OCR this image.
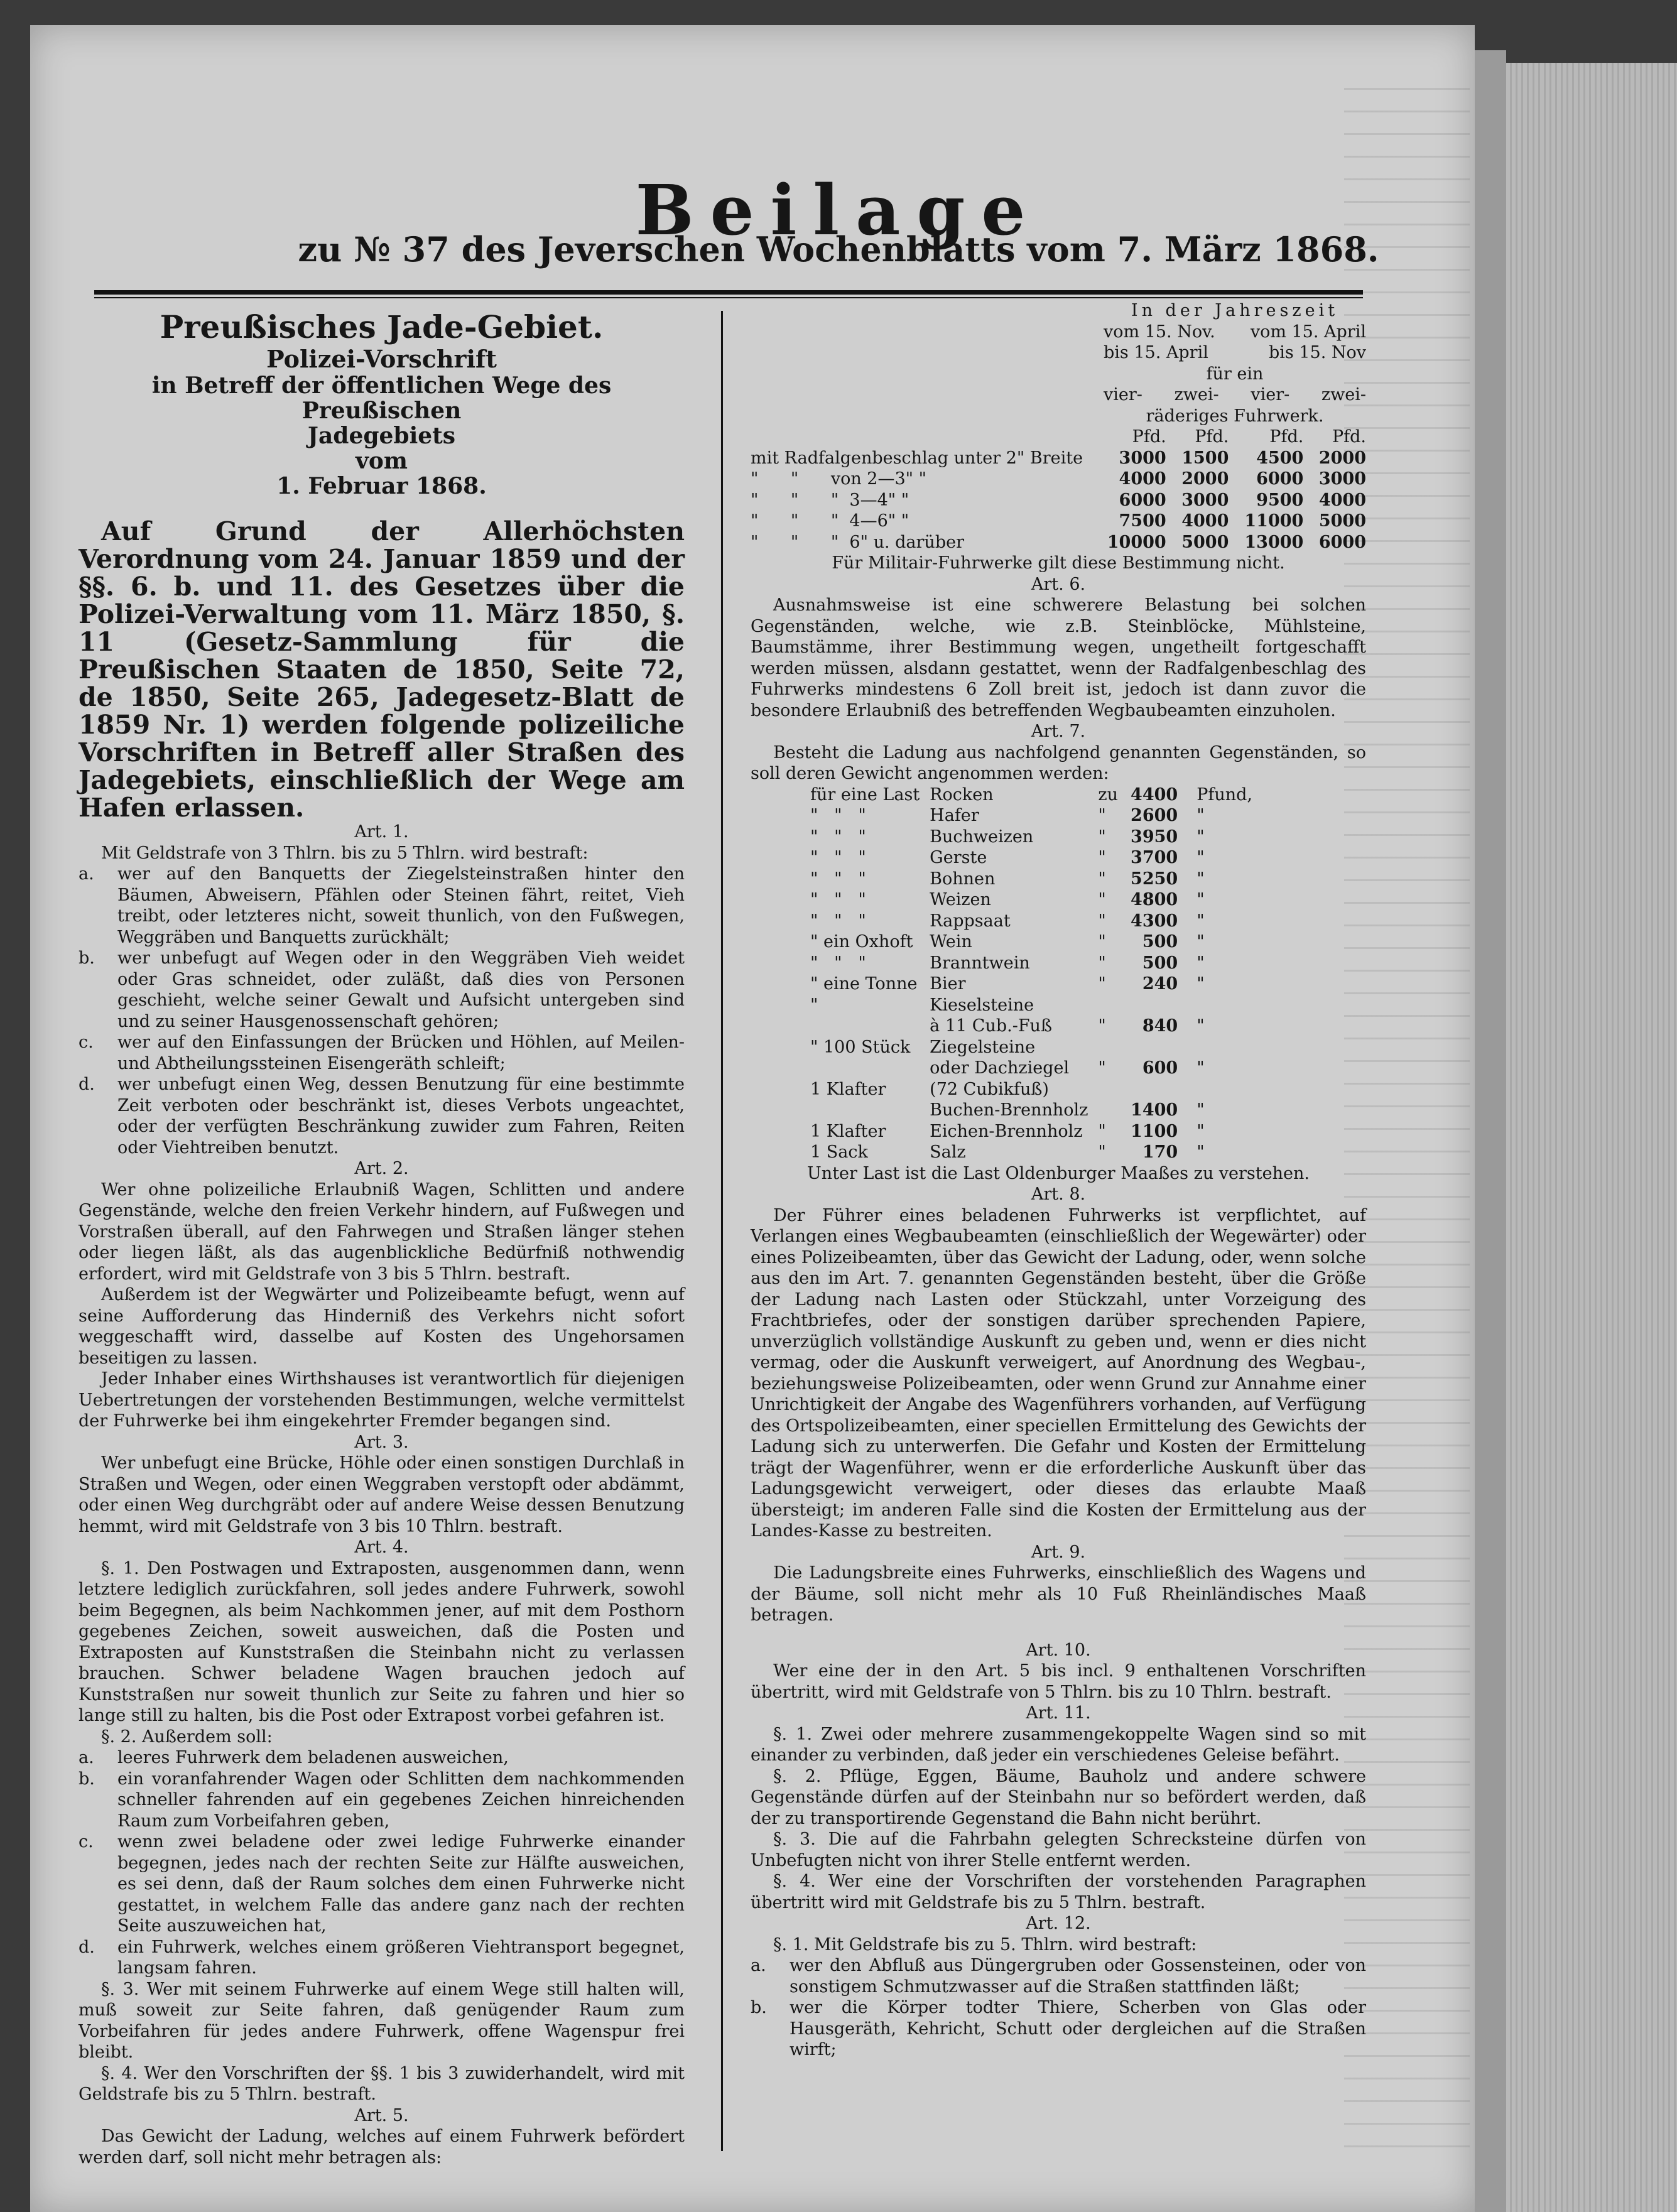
Beilage
zu № 37 des Jeverschen Wochenblatts vom 7. März 1868.

Preußisches Jade-Gebiet.

Polizei-Vorschrift

in Betreff der öffentlichen Wege des Preußischen

Jadegebiets

vom

1. Februar 1868.

Auf Grund der Allerhöchsten Verordnung vom 24. Januar 1859 und der §§. 6. b. und 11. des Gesetzes über die Polizei-Verwaltung vom 11. März 1850, §. 11 (Gesetz-Sammlung für die Preußischen Staaten de 1850, Seite 72, de 1850, Seite 265, Jadegesetz-Blatt de 1859 Nr. 1) werden folgende polizeiliche Vorschriften in Betreff aller Straßen des Jadegebiets, einschließlich der Wege am Hafen erlassen.

Art. 1.

Mit Geldstrafe von 3 Thlrn. bis zu 5 Thlrn. wird bestraft:

a.	wer auf den Banquetts der Ziegelsteinstraßen hinter den Bäumen, Abweisern, Pfählen oder Steinen fährt, reitet, Vieh treibt, oder letzteres nicht, soweit thunlich, von den Fußwegen, Weggräben und Banquetts zurückhält;
b.	wer unbefugt auf Wegen oder in den Weggräben Vieh weidet oder Gras schneidet, oder zuläßt, daß dies von Personen geschieht, welche seiner Gewalt und Aufsicht untergeben sind und zu seiner Hausgenossenschaft gehören;
c.	wer auf den Einfassungen der Brücken und Höhlen, auf Meilen- und Abtheilungssteinen Eisengeräth schleift;
d.	wer unbefugt einen Weg, dessen Benutzung für eine bestimmte Zeit verboten oder beschränkt ist, dieses Verbots ungeachtet, oder der verfügten Beschränkung zuwider zum Fahren, Reiten oder Viehtreiben benutzt.

Art. 2.

Wer ohne polizeiliche Erlaubniß Wagen, Schlitten und andere Gegenstände, welche den freien Verkehr hindern, auf Fußwegen und Vorstraßen überall, auf den Fahrwegen und Straßen länger stehen oder liegen läßt, als das augenblickliche Bedürfniß nothwendig erfordert, wird mit Geldstrafe von 3 bis 5 Thlrn. bestraft.

Außerdem ist der Wegwärter und Polizeibeamte befugt, wenn auf seine Aufforderung das Hinderniß des Verkehrs nicht sofort weggeschafft wird, dasselbe auf Kosten des Ungehorsamen beseitigen zu lassen.

Jeder Inhaber eines Wirthshauses ist verantwortlich für diejenigen Uebertretungen der vorstehenden Bestimmungen, welche vermittelst der Fuhrwerke bei ihm eingekehrter Fremder begangen sind.

Art. 3.

Wer unbefugt eine Brücke, Höhle oder einen sonstigen Durchlaß in Straßen und Wegen, oder einen Weggraben verstopft oder abdämmt, oder einen Weg durchgräbt oder auf andere Weise dessen Benutzung hemmt, wird mit Geldstrafe von 3 bis 10 Thlrn. bestraft.

Art. 4.

§. 1. Den Postwagen und Extraposten, ausgenommen dann, wenn letztere lediglich zurückfahren, soll jedes andere Fuhrwerk, sowohl beim Begegnen, als beim Nachkommen jener, auf mit dem Posthorn gegebenes Zeichen, soweit ausweichen, daß die Posten und Extraposten auf Kunststraßen die Steinbahn nicht zu verlassen brauchen. Schwer beladene Wagen brauchen jedoch auf Kunststraßen nur soweit thunlich zur Seite zu fahren und hier so lange still zu halten, bis die Post oder Extrapost vorbei gefahren ist.

§. 2. Außerdem soll:

a.	leeres Fuhrwerk dem beladenen ausweichen,
b.	ein voranfahrender Wagen oder Schlitten dem nachkommenden schneller fahrenden auf ein gegebenes Zeichen hinreichenden Raum zum Vorbeifahren geben,
c.	wenn zwei beladene oder zwei ledige Fuhrwerke einander begegnen, jedes nach der rechten Seite zur Hälfte ausweichen, es sei denn, daß der Raum solches dem einen Fuhrwerke nicht gestattet, in welchem Falle das andere ganz nach der rechten Seite auszuweichen hat,
d.	ein Fuhrwerk, welches einem größeren Viehtransport begegnet, langsam fahren.

§. 3. Wer mit seinem Fuhrwerke auf einem Wege still halten will, muß soweit zur Seite fahren, daß genügender Raum zum Vorbeifahren für jedes andere Fuhrwerk, offene Wagenspur frei bleibt.

§. 4. Wer den Vorschriften der §§. 1 bis 3 zuwiderhandelt, wird mit Geldstrafe bis zu 5 Thlrn. bestraft.

Art. 5.

Das Gewicht der Ladung, welches auf einem Fuhrwerk befördert werden darf, soll nicht mehr betragen als:

In der Jahreszeit

vom 15. Nov. vom 15. April
bis 15. April	bis 15. Nov

für ein

vier- zwei- vier- zwei-

räderiges Fuhrwerk.

	Pfd.	Pfd.	Pfd.	Pfd.
mit Radfalgenbeschlag unter 2" Breite	3000	1500	4500	2000
"      "      von 2—3" "	4000	2000	6000	3000
"      "      "  3—4" "	6000	3000	9500	4000
"      "      "  4—6" "	7500	4000	11000	5000
"      "      "  6" u. darüber	10000	5000	13000	6000

Für Militair-Fuhrwerke gilt diese Bestimmung nicht.

Art. 6.

Ausnahmsweise ist eine schwerere Belastung bei solchen Gegenständen, welche, wie z.B. Steinblöcke, Mühlsteine, Baumstämme, ihrer Bestimmung wegen, ungetheilt fortgeschafft werden müssen, alsdann gestattet, wenn der Radfalgenbeschlag des Fuhrwerks mindestens 6 Zoll breit ist, jedoch ist dann zuvor die besondere Erlaubniß des betreffenden Wegbaubeamten einzuholen.

Art. 7.

Besteht die Ladung aus nachfolgend genannten Gegenständen, so soll deren Gewicht angenommen werden:

für eine Last	Rocken	zu	4400	Pfund,
"   "   "	Hafer	"	2600	"
"   "   "	Buchweizen	"	3950	"
"   "   "	Gerste	"	3700	"
"   "   "	Bohnen	"	5250	"
"   "   "	Weizen	"	4800	"
"   "   "	Rappsaat	"	4300	"
" ein Oxhoft	Wein	"	500	"
"   "   "	Branntwein	"	500	"
" eine Tonne	Bier	"	240	"
"	Kieselsteine			
	à 11 Cub.-Fuß	"	840	"
" 100 Stück	Ziegelsteine			
	oder Dachziegel	"	600	"
1 Klafter	(72 Cubikfuß)			
	Buchen-Brennholz		1400	"
1 Klafter	Eichen-Brennholz	"	1100	"
1 Sack	Salz	"	170	"

Unter Last ist die Last Oldenburger Maaßes zu verstehen.

Art. 8.

Der Führer eines beladenen Fuhrwerks ist verpflichtet, auf Verlangen eines Wegbaubeamten (einschließlich der Wegewärter) oder eines Polizeibeamten, über das Gewicht der Ladung, oder, wenn solche aus den im Art. 7. genannten Gegenständen besteht, über die Größe der Ladung nach Lasten oder Stückzahl, unter Vorzeigung des Frachtbriefes, oder der sonstigen darüber sprechenden Papiere, unverzüglich vollständige Auskunft zu geben und, wenn er dies nicht vermag, oder die Auskunft verweigert, auf Anordnung des Wegbau-, beziehungsweise Polizeibeamten, oder wenn Grund zur Annahme einer Unrichtigkeit der Angabe des Wagenführers vorhanden, auf Verfügung des Ortspolizeibeamten, einer speciellen Ermittelung des Gewichts der Ladung sich zu unterwerfen. Die Gefahr und Kosten der Ermittelung trägt der Wagenführer, wenn er die erforderliche Auskunft über das Ladungsgewicht verweigert, oder dieses das erlaubte Maaß übersteigt; im anderen Falle sind die Kosten der Ermittelung aus der Landes-Kasse zu bestreiten.

Art. 9.

Die Ladungsbreite eines Fuhrwerks, einschließlich des Wagens und der Bäume, soll nicht mehr als 10 Fuß Rheinländisches Maaß betragen.

Art. 10.

Wer eine der in den Art. 5 bis incl. 9 enthaltenen Vorschriften übertritt, wird mit Geldstrafe von 5 Thlrn. bis zu 10 Thlrn. bestraft.

Art. 11.

§. 1. Zwei oder mehrere zusammengekoppelte Wagen sind so mit einander zu verbinden, daß jeder ein verschiedenes Geleise befährt.

§. 2. Pflüge, Eggen, Bäume, Bauholz und andere schwere Gegenstände dürfen auf der Steinbahn nur so befördert werden, daß der zu transportirende Gegenstand die Bahn nicht berührt.

§. 3. Die auf die Fahrbahn gelegten Schrecksteine dürfen von Unbefugten nicht von ihrer Stelle entfernt werden.

§. 4. Wer eine der Vorschriften der vorstehenden Paragraphen übertritt wird mit Geldstrafe bis zu 5 Thlrn. bestraft.

Art. 12.

§. 1. Mit Geldstrafe bis zu 5. Thlrn. wird bestraft:

a.	wer den Abfluß aus Düngergruben oder Gossensteinen, oder von sonstigem Schmutzwasser auf die Straßen stattfinden läßt;
b.	wer die Körper todter Thiere, Scherben von Glas oder Hausgeräth, Kehricht, Schutt oder dergleichen auf die Straßen wirft;
